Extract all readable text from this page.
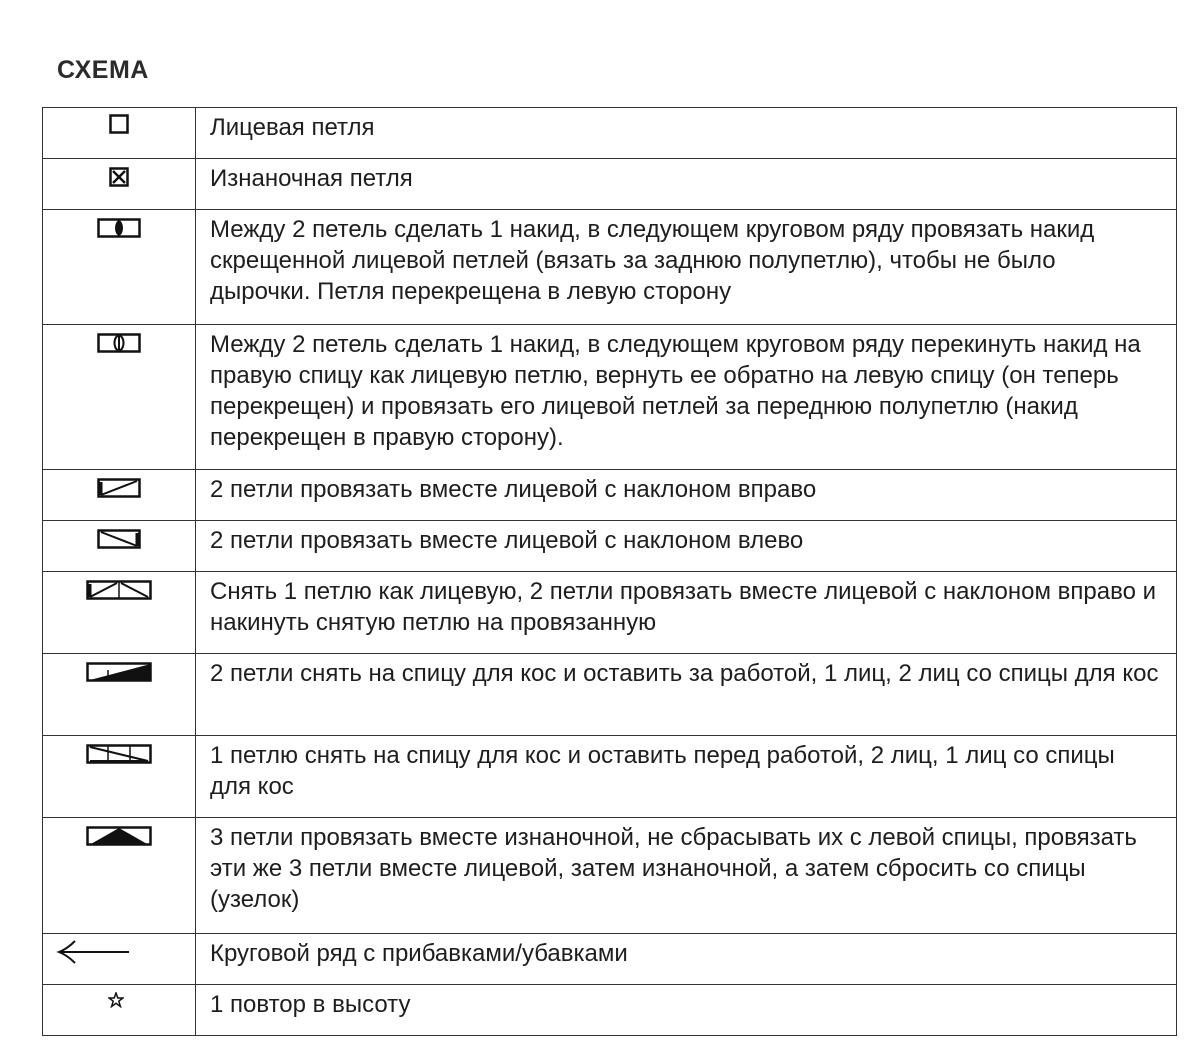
СХЕМА
	Лицевая петля

	Изнаночная петля

	Между 2 петель сделать 1 накид, в следующем круговом ряду провязать накид скрещенной лицевой петлей (вязать за заднюю полупетлю), чтобы не было дырочки. Петля перекрещена в левую сторону

	Между 2 петель сделать 1 накид, в следующем круговом ряду перекинуть накид на правую спицу как лицевую петлю, вернуть ее обратно на левую спицу (он теперь перекрещен) и провязать его лицевой петлей за переднюю полупетлю (накид перекрещен в правую сторону).

	2 петли провязать вместе лицевой с наклоном вправо

	2 петли провязать вместе лицевой с наклоном влево

	Снять 1 петлю как лицевую, 2 петли провязать вместе лицевой с наклоном вправо и накинуть снятую петлю на провязанную

	2 петли снять на спицу для кос и оставить за работой, 1 лиц, 2 лиц со спицы для кос

	1 петлю снять на спицу для кос и оставить перед работой, 2 лиц, 1 лиц со спицы для кос

	3 петли провязать вместе изнаночной, не сбрасывать их с левой спицы, провязать эти же 3 петли вместе лицевой, затем изнаночной, а затем сбросить со спицы (узелок)

	Круговой ряд с прибавками/убавками

	1 повтор в высоту
